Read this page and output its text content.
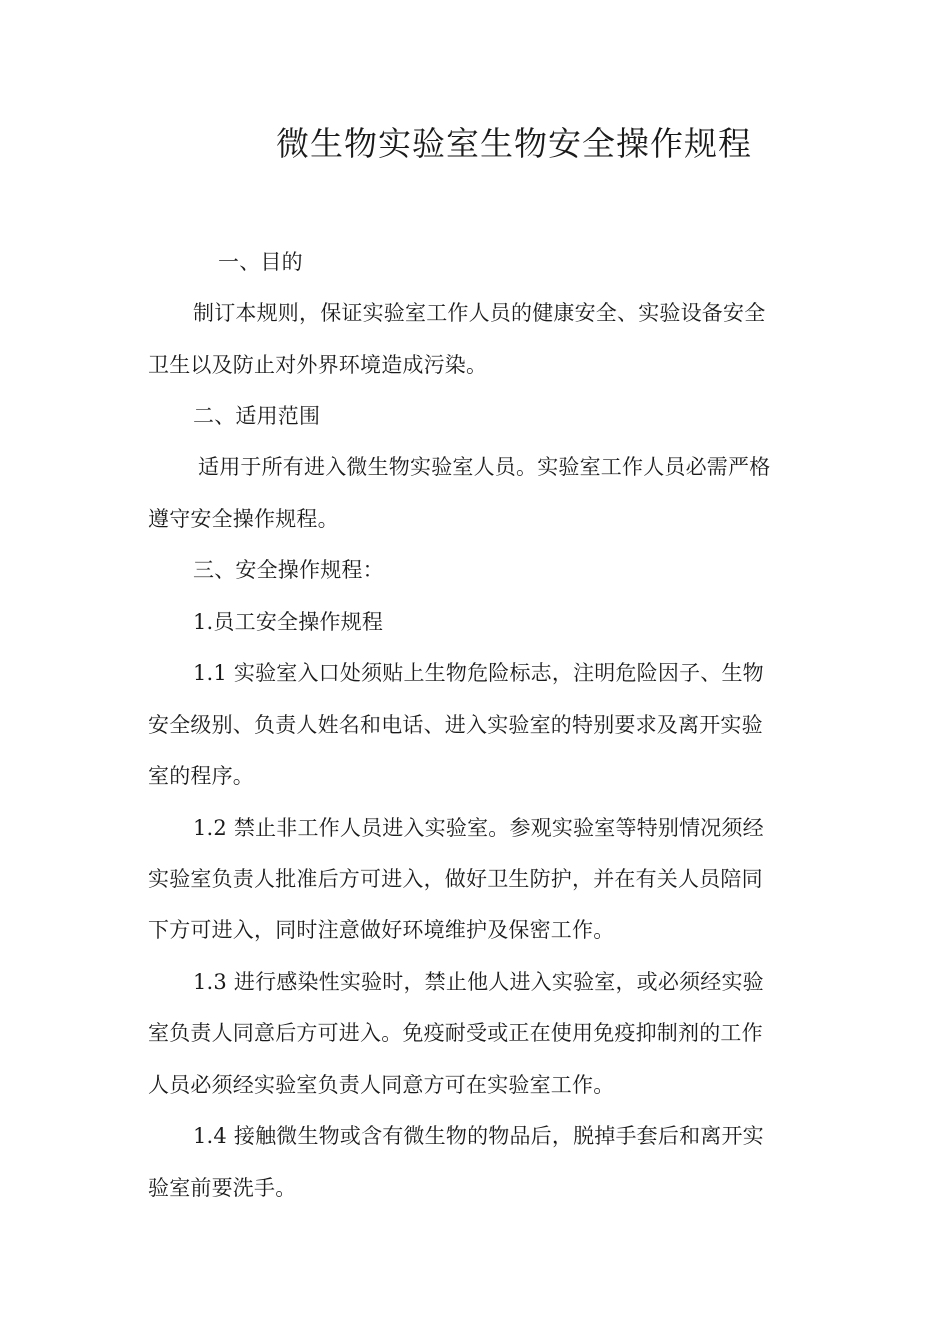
微生物实验室生物安全操作规程
一、目的
制订本规则，保证实验室工作人员的健康安全、实验设备安全
卫生以及防止对外界环境造成污染。
二、适用范围
适用于所有进入微生物实验室人员。实验室工作人员必需严格
遵守安全操作规程。
三、安全操作规程：
1.员工安全操作规程
1.1 实验室入口处须贴上生物危险标志，注明危险因子、生物
安全级别、负责人姓名和电话、进入实验室的特别要求及离开实验
室的程序。
1.2 禁止非工作人员进入实验室。参观实验室等特别情况须经
实验室负责人批准后方可进入，做好卫生防护，并在有关人员陪同
下方可进入，同时注意做好环境维护及保密工作。
1.3 进行感染性实验时，禁止他人进入实验室，或必须经实验
室负责人同意后方可进入。免疫耐受或正在使用免疫抑制剂的工作
人员必须经实验室负责人同意方可在实验室工作。
1.4 接触微生物或含有微生物的物品后，脱掉手套后和离开实
验室前要洗手。
